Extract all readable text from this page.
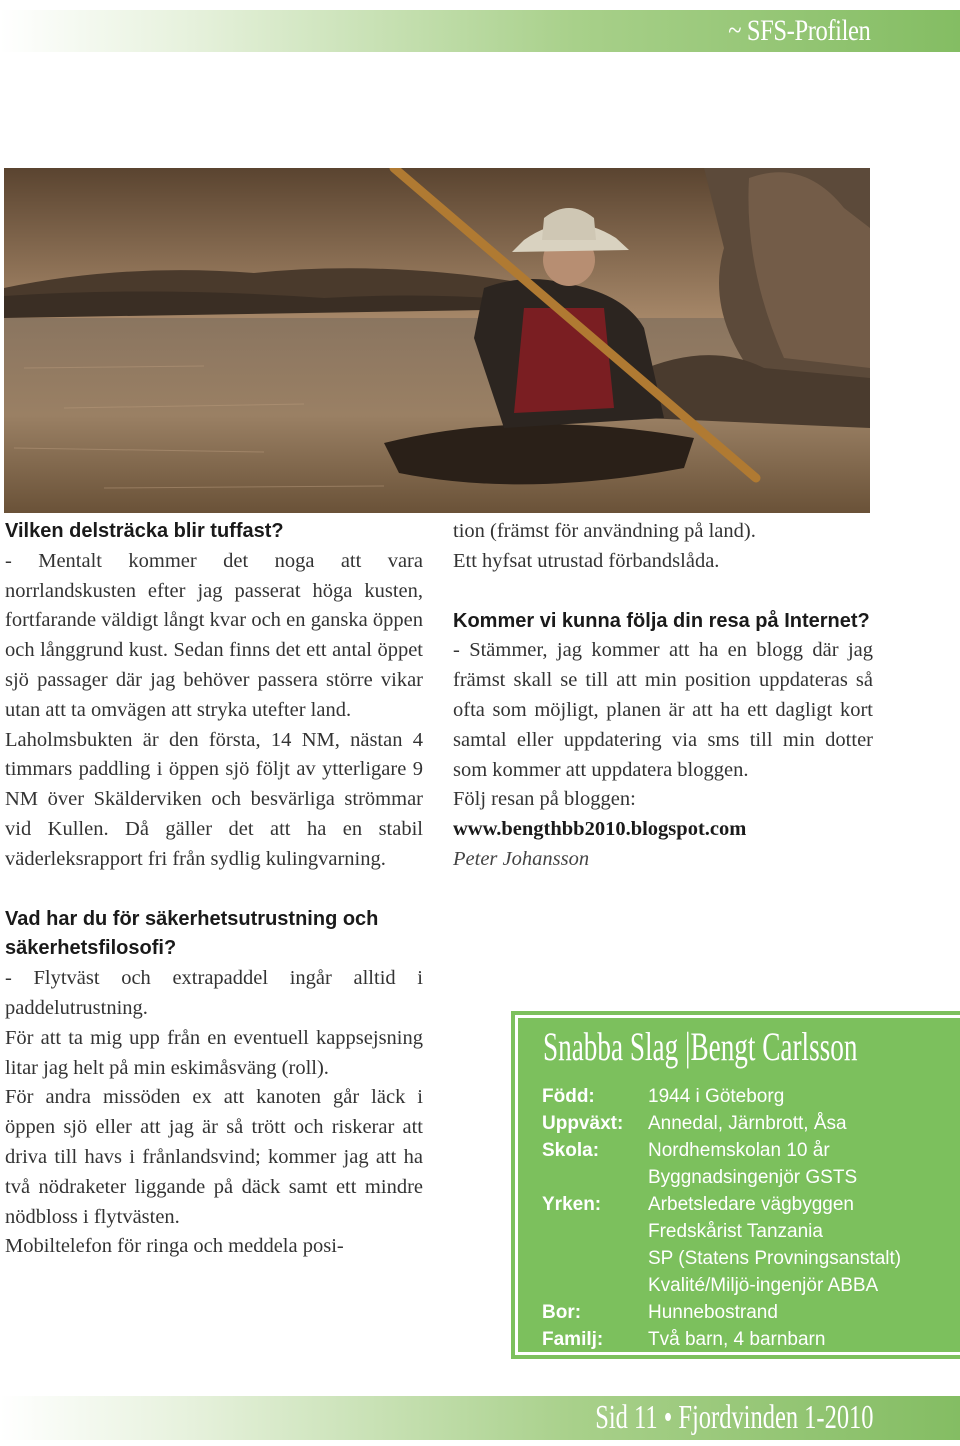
~ SFS-Profilen

Vilken delsträcka blir tuffast?

- Mentalt kommer det noga att vara norrlandskusten efter jag passerat höga kusten, fortfarande väldigt långt kvar och en ganska öppen och långgrund kust. Sedan finns det ett antal öppet sjö passager där jag behöver passera större vikar utan att ta omvägen att stryka utefter land.

Laholmsbukten är den första, 14 NM, nästan 4 timmars paddling i öppen sjö följt av ytterligare 9 NM över Skälderviken och besvärliga strömmar vid Kullen. Då gäller det att ha en stabil väderleksrapport fri från sydlig kulingvarning.

Vad har du för säkerhetsutrustning och säkerhetsfilosofi?

- Flytväst och extrapaddel ingår alltid i paddelutrustning.

För att ta mig upp från en eventuell kappsejsning litar jag helt på min eskimåsväng (roll).

För andra missöden ex att kanoten går läck i öppen sjö eller att jag är så trött och riskerar att driva till havs i frånlandsvind; kommer jag att ha två nödraketer liggande på däck samt ett mindre nödbloss i flytvästen.

Mobiltelefon för ringa och meddela posi-

tion (främst för användning på land).

Ett hyfsat utrustad förbandslåda.

Kommer vi kunna följa din resa på Internet?

- Stämmer, jag kommer att ha en blogg där jag främst skall se till att min position uppdateras så ofta som möjligt, planen är att ha ett dagligt kort samtal eller uppdatering via sms till min dotter som kommer att uppdatera bloggen.

Följ resan på bloggen:

www.bengthbb2010.blogspot.com

Peter Johansson

Snabba Slag |Bengt Carlsson
Född:	1944 i Göteborg
Uppväxt:	Annedal, Järnbrott, Åsa
Skola:	Nordhemskolan 10 år
Byggnadsingenjör GSTS
Yrken:	Arbetsledare vägbyggen
Fredskårist Tanzania
SP (Statens Provningsanstalt)
Kvalité/Miljö-ingenjör ABBA
Bor:	Hunnebostrand
Familj:	Två barn, 4 barnbarn
Sid 11 • Fjordvinden 1-2010
